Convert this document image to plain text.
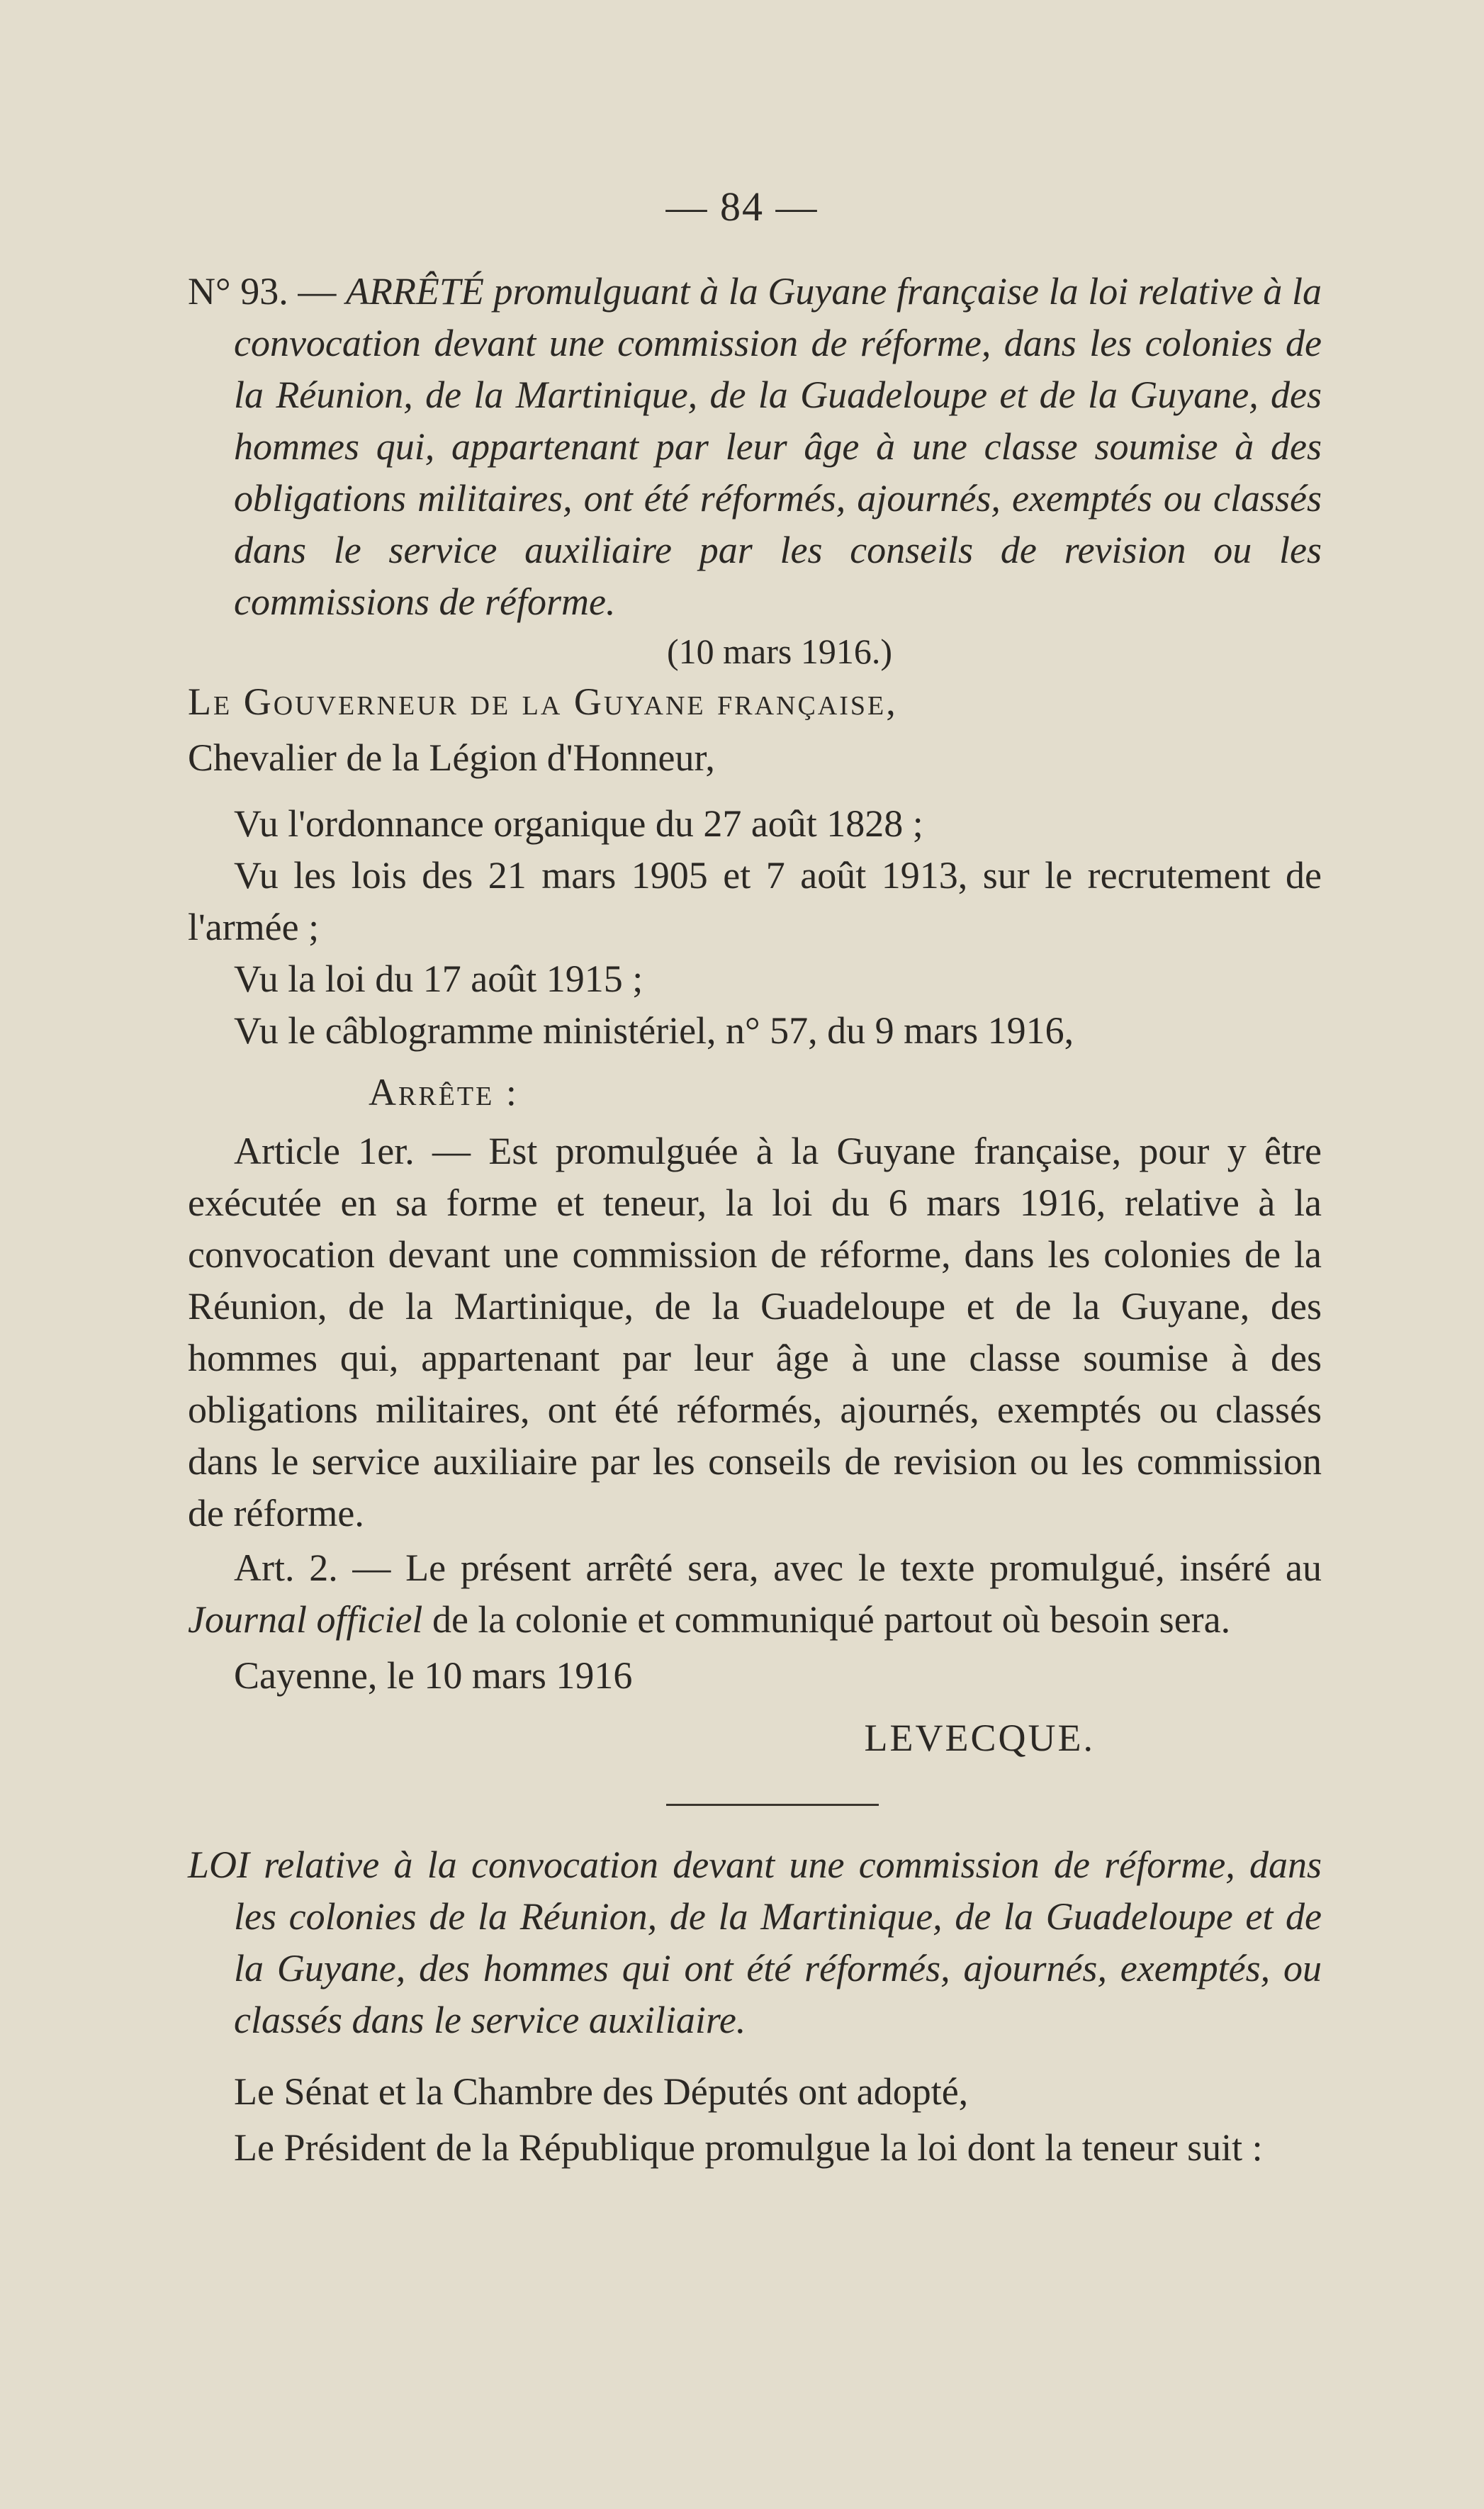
— 84 —
N° 93. — ARRÊTÉ promulguant à la Guyane française la loi relative à la convocation devant une commission de réforme, dans les colonies de la Réunion, de la Martinique, de la Guadeloupe et de la Guyane, des hommes qui, appartenant par leur âge à une classe soumise à des obligations militaires, ont été réformés, ajournés, exemptés ou classés dans le service auxiliaire par les conseils de revision ou les commissions de réforme.
(10 mars 1916.)
Le Gouverneur de la Guyane française,
Chevalier de la Légion d'Honneur,
Vu l'ordonnance organique du 27 août 1828 ;
Vu les lois des 21 mars 1905 et 7 août 1913, sur le recrutement de l'armée ;
Vu la loi du 17 août 1915 ;
Vu le câblogramme ministériel, n° 57, du 9 mars 1916,
Arrête :
Article 1er. — Est promulguée à la Guyane française, pour y être exécutée en sa forme et teneur, la loi du 6 mars 1916, relative à la convocation devant une commission de réforme, dans les colonies de la Réunion, de la Martinique, de la Guadeloupe et de la Guyane, des hommes qui, appartenant par leur âge à une classe soumise à des obligations militaires, ont été réformés, ajournés, exemptés ou classés dans le service auxiliaire par les conseils de revision ou les commission de réforme.
Art. 2. — Le présent arrêté sera, avec le texte promulgué, inséré au Journal officiel de la colonie et communiqué partout où besoin sera.
Cayenne, le 10 mars 1916
LEVECQUE.
LOI relative à la convocation devant une commission de réforme, dans les colonies de la Réunion, de la Martinique, de la Guadeloupe et de la Guyane, des hommes qui ont été réformés, ajournés, exemptés, ou classés dans le service auxiliaire.
Le Sénat et la Chambre des Députés ont adopté,
Le Président de la République promulgue la loi dont la teneur suit :
